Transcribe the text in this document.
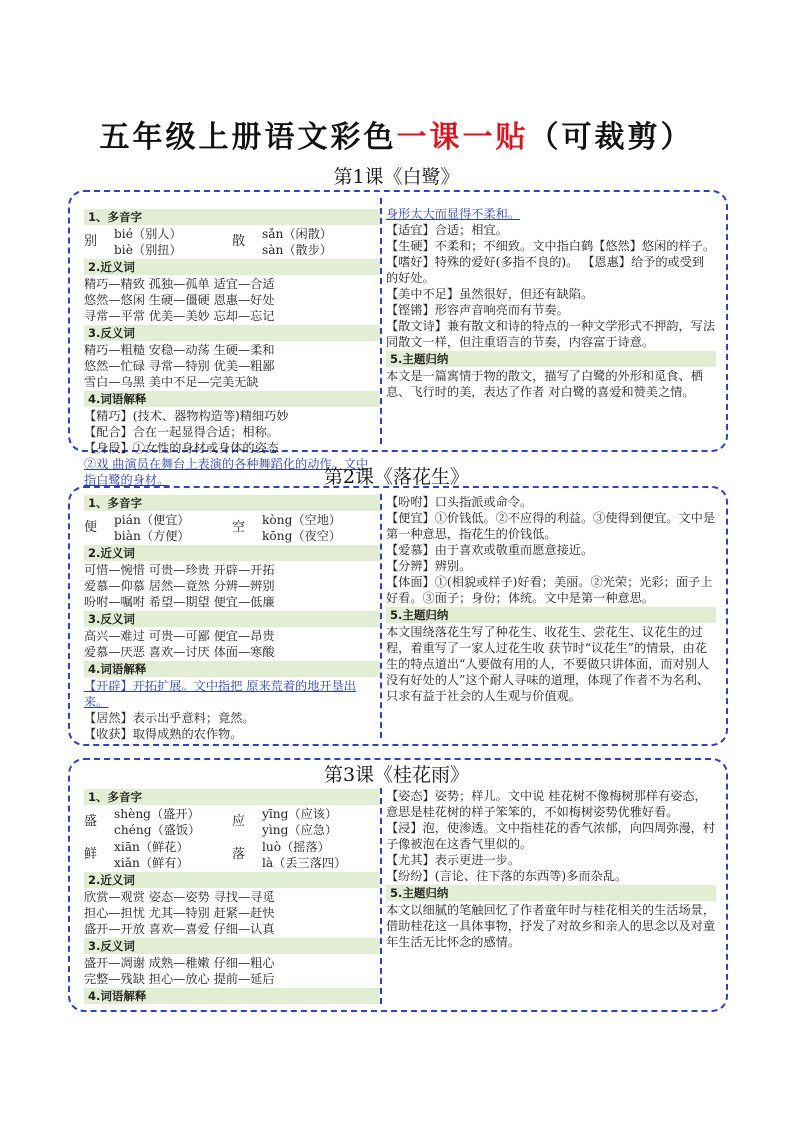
五年级上册语文彩色一课一贴（可裁剪）
第1课《白鹭》
1、多音字
别	bié（别人）
biè（别扭）
散	sǎn（闲散）
sàn（散步）
2.近义词
精巧—精致 孤独—孤单 适宜—合适
悠然—悠闲 生硬—僵硬 恩惠—好处
寻常—平常 优美—美妙 忘却—忘记
3.反义词
精巧—粗糙 安稳—动荡 生硬—柔和
悠然—忙碌 寻常—特别 优美—粗鄙
雪白—乌黑 美中不足—完美无缺
4.词语解释
【精巧】(技术、器物构造等)精细巧妙
【配合】合在一起显得合适；相称。
【身段】①女性的身材或身体的姿态
②戏 曲演员在舞台上表演的各种舞蹈化的动作。文中指白鹭的身材。
身形太大而显得不柔和。
【适宜】合适；相宜。
【生硬】不柔和；不细致。文中指白鹤【悠然】悠闲的样子。
【嗜好】特殊的爱好(多指不良的)。 【恩惠】给予的或受到的好处。
【美中不足】虽然很好，但还有缺陷。
【铿锵】形容声音响亮而有节奏。
【散文诗】兼有散文和诗的特点的一种文学形式不押韵，写法同散文一样，但注重语言的节奏，内容富于诗意。
5.主题归纳
本文是一篇寓情于物的散文，描写了白鹭的外形和觅食、栖息、飞行时的美，表达了作者 对白鹭的喜爱和赞美之情。
第2课《落花生》
1、多音字
便	pián（便宜）
biàn（方便）
空	kòng（空地）
kōng（夜空）
2.近义词
可惜—惋惜 可贵—珍贵 开辟—开拓
爱慕—仰慕 居然—竟然 分辨—辨别
吩咐—嘱咐 希望—期望 便宜—低廉
3.反义词
高兴—难过 可贵—可鄙 便宜—昂贵
爱慕—厌恶 喜欢—讨厌 体面—寒酸
4.词语解释
【开辟】开拓扩展。文中指把 原来荒着的地开垦出来。
【居然】表示出乎意料；竟然。
【收获】取得成熟的农作物。
【吩咐】口头指派或命令。
【便宜】①价钱低。②不应得的利益。③使得到便宜。文中是第一种意思，指花生的价钱低。
【爱慕】由于喜欢或敬重而愿意接近。
【分辨】辨别。
【体面】①(相貌或样子)好看；美丽。②光荣；光彩；面子上好看。③面子；身份；体统。文中是第一种意思。
5.主题归纳
本文围绕落花生写了种花生、收花生、尝花生、议花生的过程，着重写了一家人过花生收 获节时“议花生”的情景，由花生的特点道出“人要做有用的人，不要做只讲体面，而对别人没有好处的人”这个耐人寻味的道理，体现了作者不为名利、只求有益于社会的人生观与价值观。
第3课《桂花雨》
1、多音字
盛	shèng（盛开）
chéng（盛饭）
应	yīng（应该）
yìng（应急）
鲜	xiān（鲜花）
xiǎn（鲜有）
落	luò（摇落）
là（丢三落四）
2.近义词
欣赏—观赏 姿态—姿势 寻找—寻觅
担心—担忧 尤其—特别 赶紧—赶快
盛开—开放 喜欢—喜爱 仔细—认真
3.反义词
盛开—凋谢 成熟—稚嫩 仔细—粗心
完整—残缺 担心—放心 提前—延后
4.词语解释
【姿态】姿势；样儿。文中说 桂花树不像梅树那样有姿态，意思是桂花树的样子笨笨的，不如梅树姿势优雅好看。
【浸】泡，使渗透。文中指桂花的香气浓郁，向四周弥漫，村子像被泡在这香气里似的。
【尤其】表示更进一步。
【纷纷】(言论、往下落的东西等)多而杂乱。
5.主题归纳
本文以细腻的笔触回忆了作者童年时与桂花相关的生活场景，借助桂花这一具体事物，抒发了对故乡和亲人的思念以及对童年生活无比怀念的感情。
